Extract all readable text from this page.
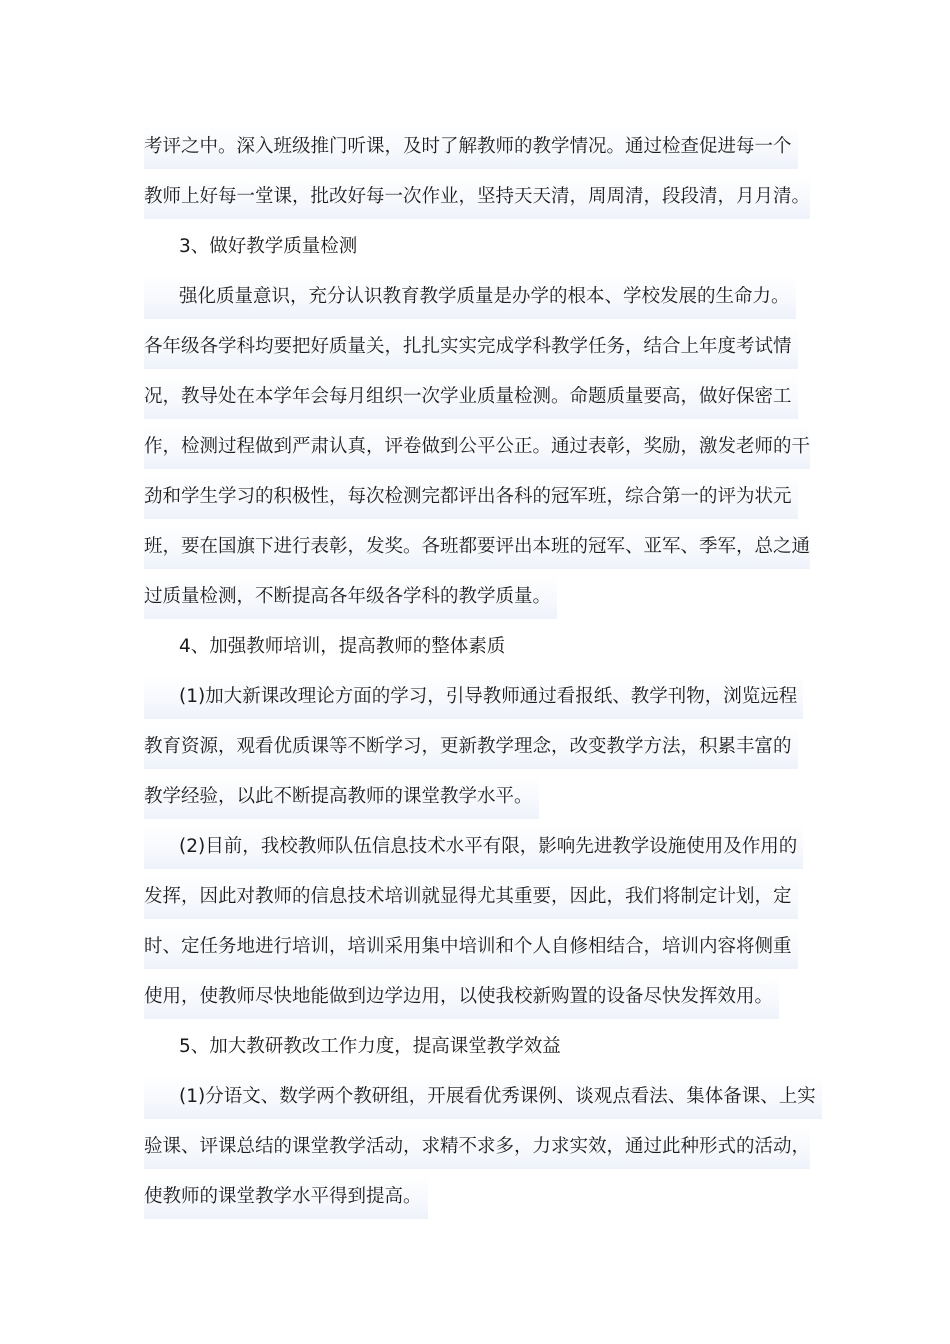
考评之中。深入班级推门听课，及时了解教师的教学情况。通过检查促进每一个
教师上好每一堂课，批改好每一次作业，坚持天天清，周周清，段段清，月月清。
3、做好教学质量检测
强化质量意识，充分认识教育教学质量是办学的根本、学校发展的生命力。
各年级各学科均要把好质量关，扎扎实实完成学科教学任务，结合上年度考试情
况，教导处在本学年会每月组织一次学业质量检测。命题质量要高，做好保密工
作，检测过程做到严肃认真，评卷做到公平公正。通过表彰，奖励，激发老师的干
劲和学生学习的积极性，每次检测完都评出各科的冠军班，综合第一的评为状元
班，要在国旗下进行表彰，发奖。各班都要评出本班的冠军、亚军、季军，总之通
过质量检测，不断提高各年级各学科的教学质量。
4、加强教师培训，提高教师的整体素质
(1)加大新课改理论方面的学习，引导教师通过看报纸、教学刊物，浏览远程
教育资源，观看优质课等不断学习，更新教学理念，改变教学方法，积累丰富的
教学经验，以此不断提高教师的课堂教学水平。
(2)目前，我校教师队伍信息技术水平有限，影响先进教学设施使用及作用的
发挥，因此对教师的信息技术培训就显得尤其重要，因此，我们将制定计划，定
时、定任务地进行培训，培训采用集中培训和个人自修相结合，培训内容将侧重
使用，使教师尽快地能做到边学边用，以使我校新购置的设备尽快发挥效用。
5、加大教研教改工作力度，提高课堂教学效益
(1)分语文、数学两个教研组，开展看优秀课例、谈观点看法、集体备课、上实
验课、评课总结的课堂教学活动，求精不求多，力求实效，通过此种形式的活动，
使教师的课堂教学水平得到提高。
